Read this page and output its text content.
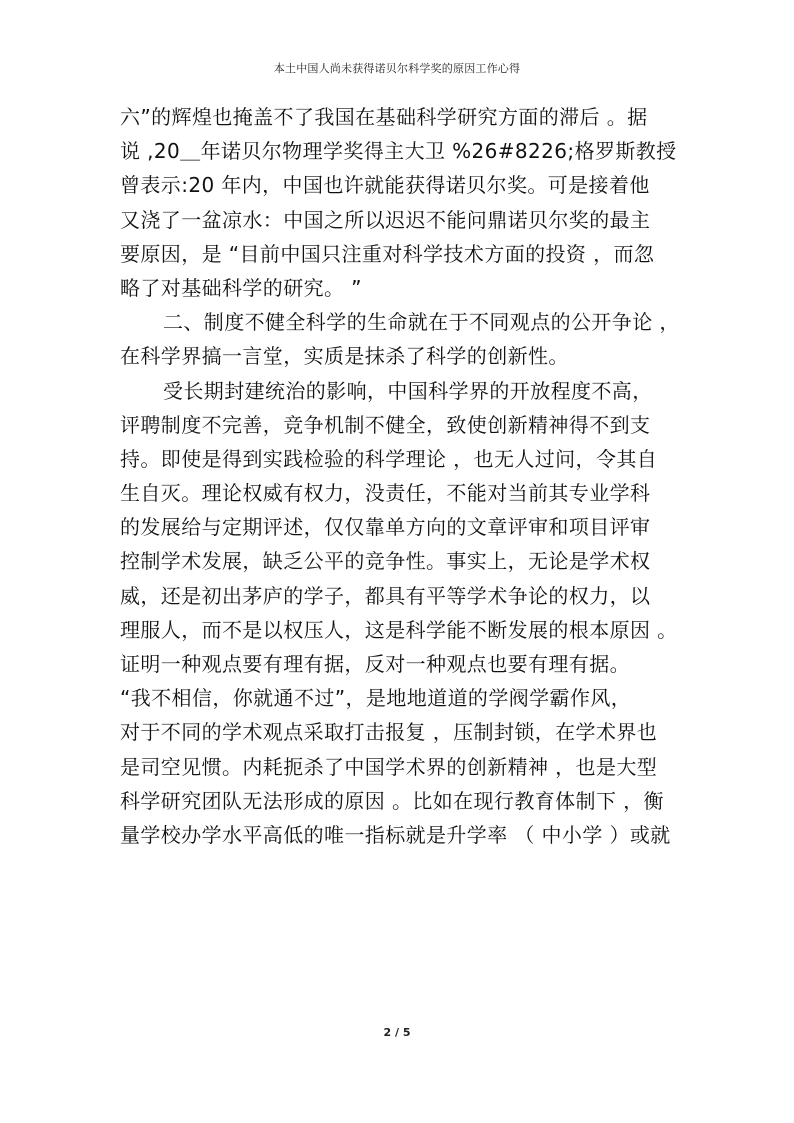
本土中国人尚未获得诺贝尔科学奖的原因工作心得
六”的辉煌也掩盖不了我国在基础科学研究方面的滞后 。据
说 ,20＿年诺贝尔物理学奖得主大卫 %26#8226;格罗斯教授
曾表示:20 年内，中国也许就能获得诺贝尔奖。可是接着他
又浇了一盆凉水：中国之所以迟迟不能问鼎诺贝尔奖的最主
要原因，是 “目前中国只注重对科学技术方面的投资 ，而忽
略了对基础科学的研究。 ”
二、制度不健全科学的生命就在于不同观点的公开争论 ，
在科学界搞一言堂，实质是抹杀了科学的创新性。
受长期封建统治的影响，中国科学界的开放程度不高，
评聘制度不完善，竞争机制不健全，致使创新精神得不到支
持。即使是得到实践检验的科学理论 ，也无人过问，令其自
生自灭。理论权威有权力，没责任，不能对当前其专业学科
的发展给与定期评述，仅仅靠单方向的文章评审和项目评审
控制学术发展，缺乏公平的竞争性。事实上，无论是学术权
威，还是初出茅庐的学子，都具有平等学术争论的权力，以
理服人，而不是以权压人，这是科学能不断发展的根本原因 。
证明一种观点要有理有据，反对一种观点也要有理有据。
“我不相信，你就通不过”，是地地道道的学阀学霸作风，
对于不同的学术观点采取打击报复 ，压制封锁，在学术界也
是司空见惯。内耗扼杀了中国学术界的创新精神 ，也是大型
科学研究团队无法形成的原因 。比如在现行教育体制下 ，衡
量学校办学水平高低的唯一指标就是升学率 （ 中小学 ）或就
2 / 5
